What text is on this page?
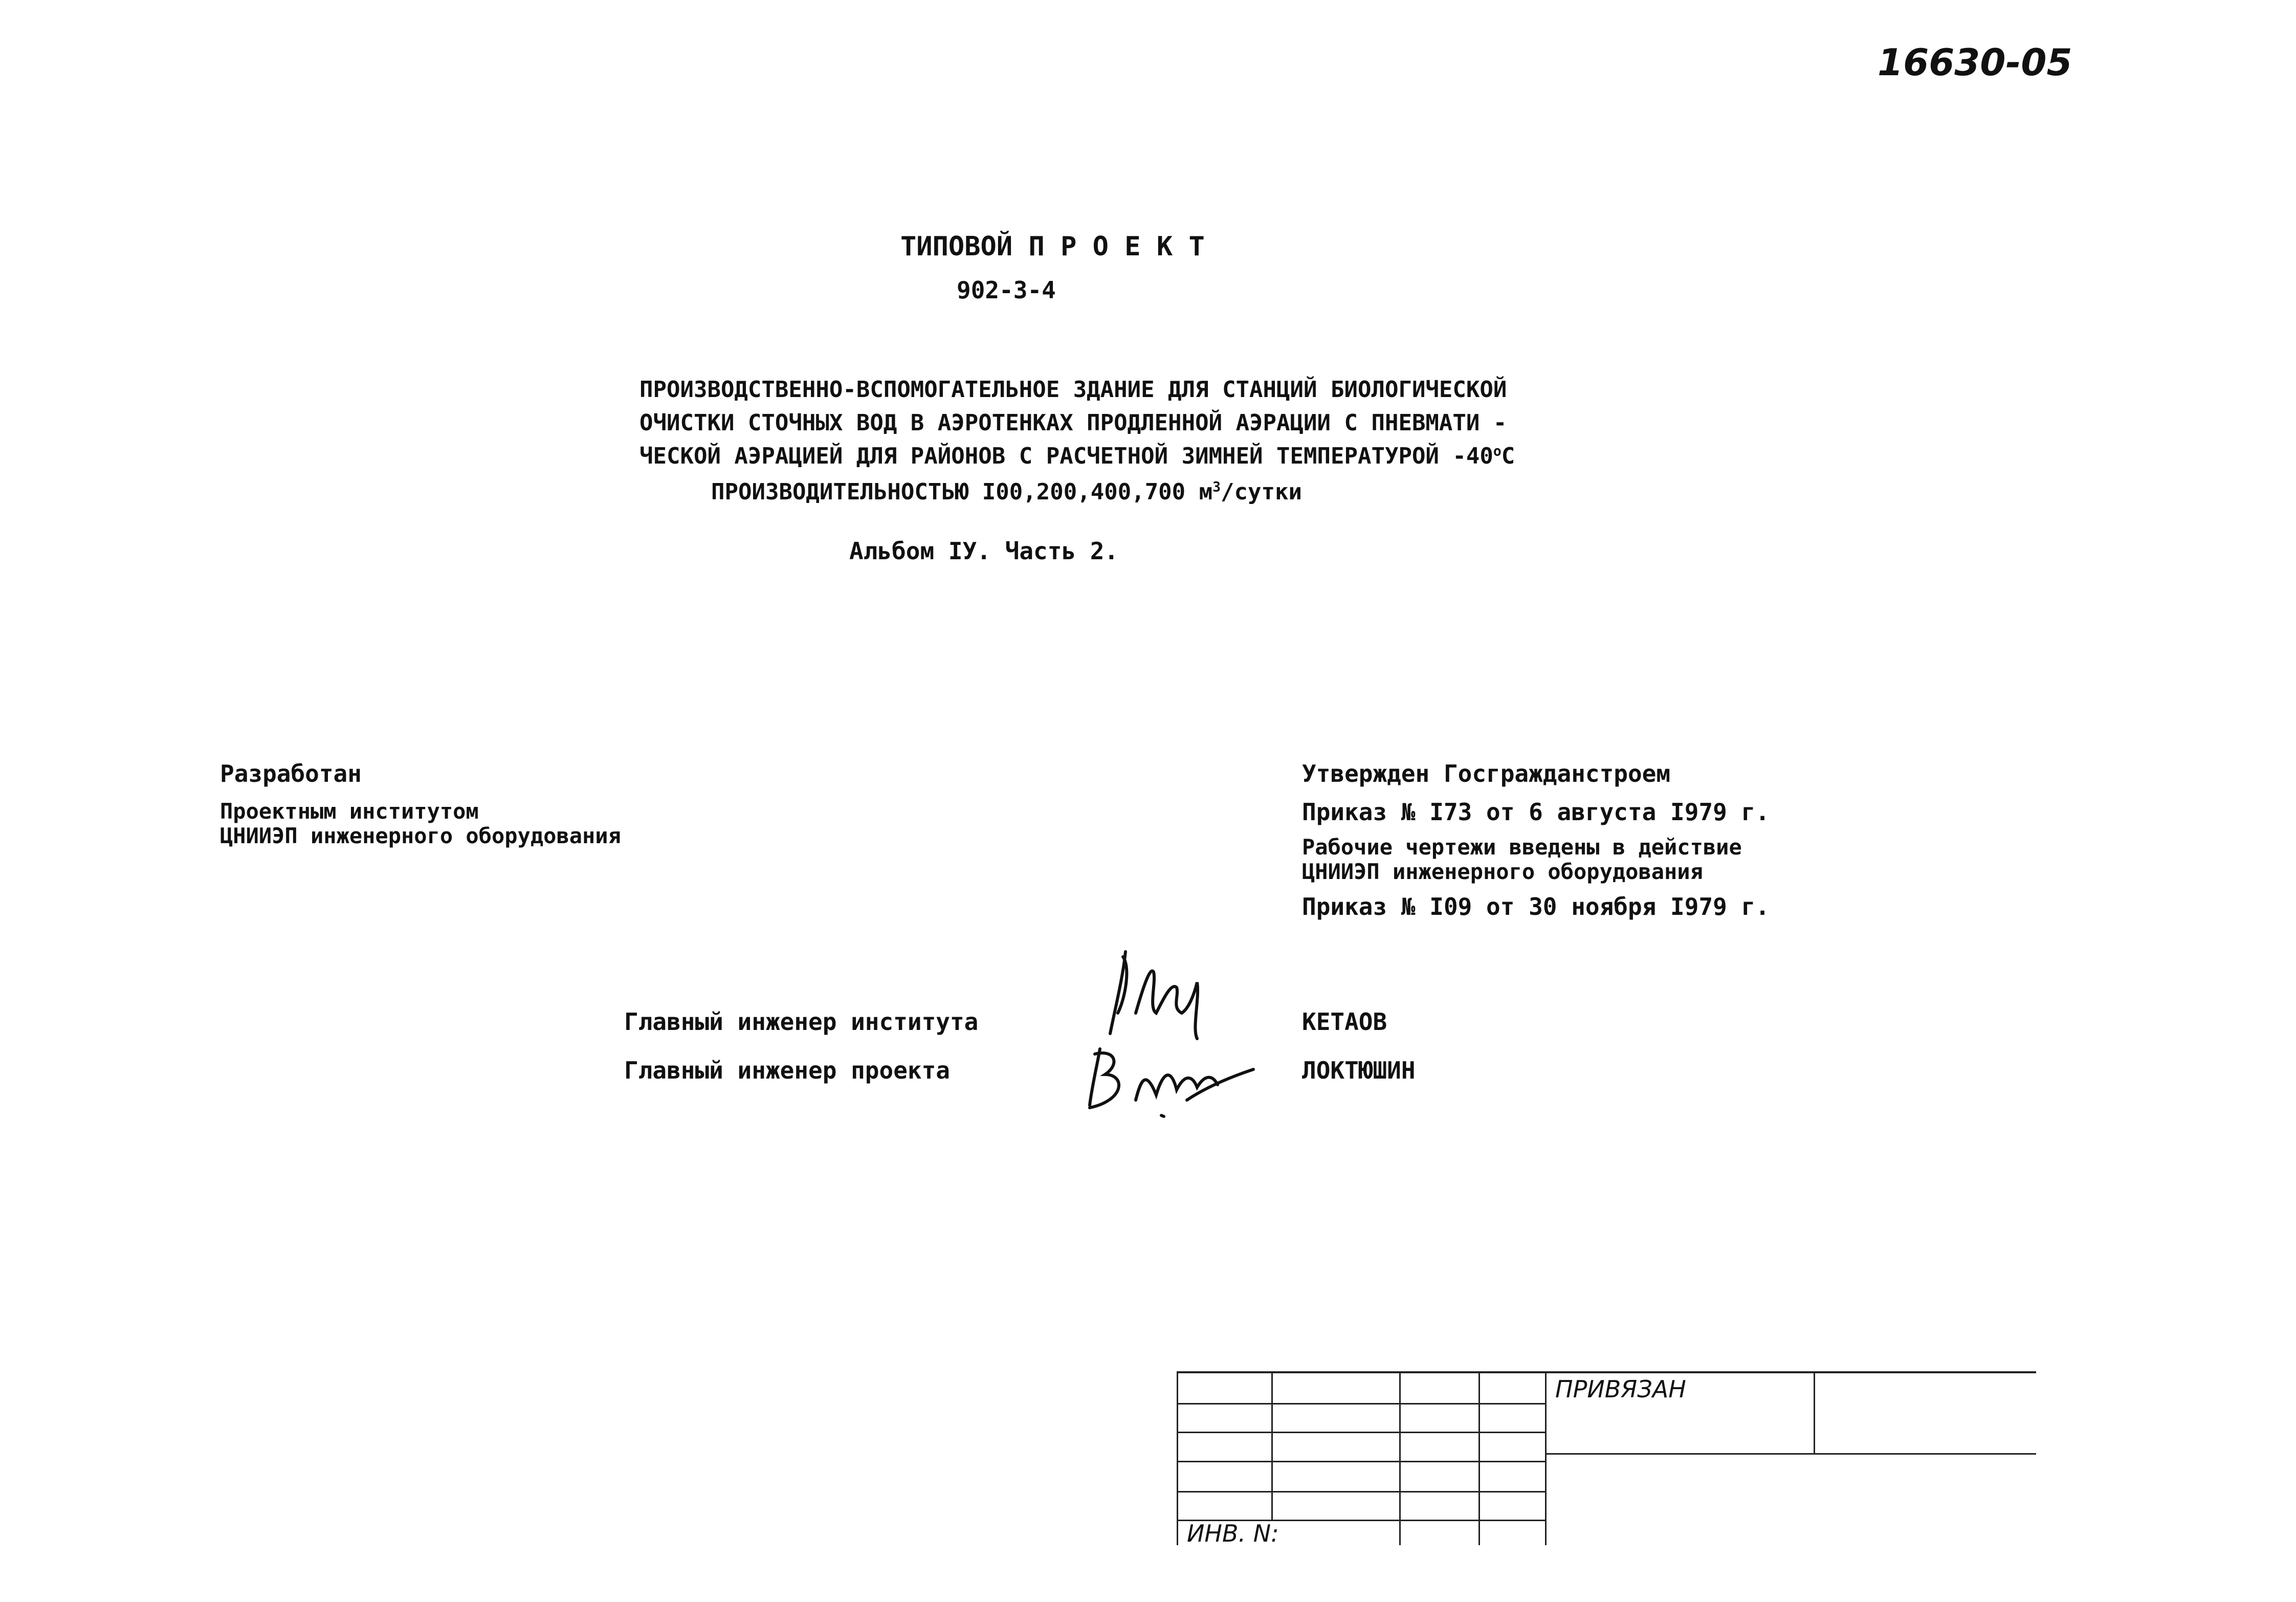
16630-05
ТИПОВОЙ П Р О Е К Т
902-3-4
ПРОИЗВОДСТВЕННО-ВСПОМОГАТЕЛЬНОЕ ЗДАНИЕ ДЛЯ СТАНЦИЙ БИОЛОГИЧЕСКОЙ
ОЧИСТКИ СТОЧНЫХ ВОД В АЭРОТЕНКАХ ПРОДЛЕННОЙ АЭРАЦИИ С ПНЕВМАТИ -
ЧЕСКОЙ АЭРАЦИЕЙ ДЛЯ РАЙОНОВ С РАСЧЕТНОЙ ЗИМНЕЙ ТЕМПЕРАТУРОЙ $-40^оС$
ПРОИЗВОДИТЕЛЬНОСТЬЮ I00,200,400,700 $м^3$/сутки
Альбом IУ. Часть 2.
Разработан
Проектным институтом
ЦНИИЭП инженерного оборудования
Утвержден Госгражданстроем
Приказ № I73 от 6 августа I979 г.
Рабочие чертежи введены в действие
ЦНИИЭП инженерного оборудования
Приказ № I09 от 30 ноября I979 г.
Главный инженер института	КЕТАОВ
Главный инженер проекта	ЛОКТЮШИН
ПРИВЯЗАН
ИНВ. N:
